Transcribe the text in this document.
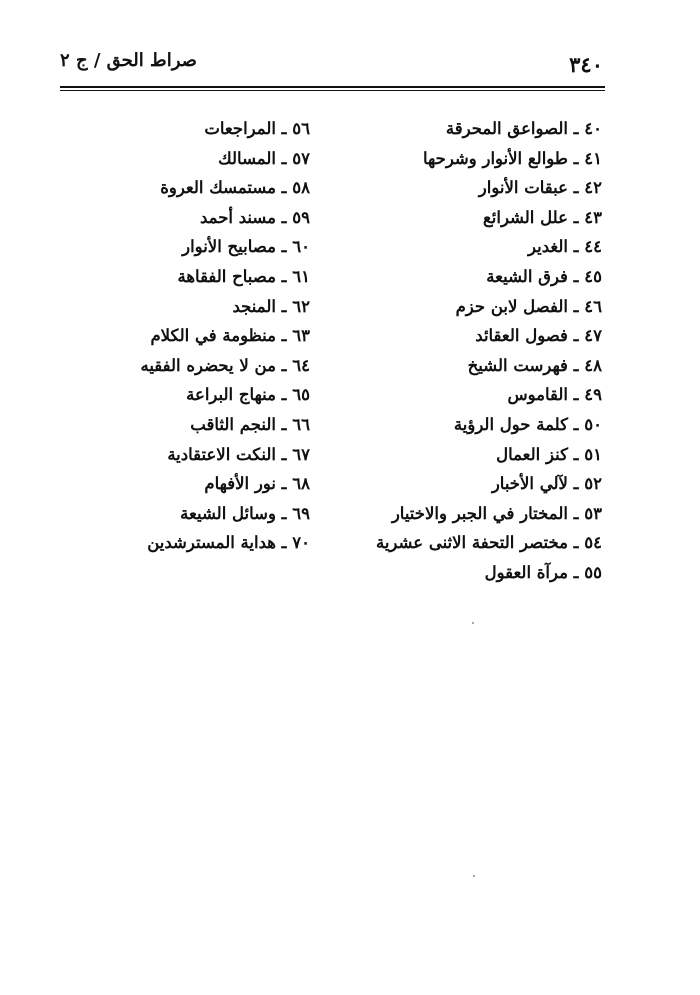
٣٤٠
صراط الحق / ج ٢
٤٠ ـ الصواعق المحرقة
٤١ ـ طوالع الأنوار وشرحها
٤٢ ـ عبقات الأنوار
٤٣ ـ علل الشرائع
٤٤ ـ الغدير
٤٥ ـ فرق الشيعة
٤٦ ـ الفصل لابن حزم
٤٧ ـ فصول العقائد
٤٨ ـ فهرست الشيخ
٤٩ ـ القاموس
٥٠ ـ كلمة حول الرؤية
٥١ ـ كنز العمال
٥٢ ـ لآلي الأخبار
٥٣ ـ المختار في الجبر والاختيار
٥٤ ـ مختصر التحفة الاثنى عشرية
٥٥ ـ مرآة العقول
٥٦ ـ المراجعات
٥٧ ـ المسالك
٥٨ ـ مستمسك العروة
٥٩ ـ مسند أحمد
٦٠ ـ مصابيح الأنوار
٦١ ـ مصباح الفقاهة
٦٢ ـ المنجد
٦٣ ـ منظومة في الكلام
٦٤ ـ من لا يحضره الفقيه
٦٥ ـ منهاج البراعة
٦٦ ـ النجم الثاقب
٦٧ ـ النكت الاعتقادية
٦٨ ـ نور الأفهام
٦٩ ـ وسائل الشيعة
٧٠ ـ هداية المسترشدين
